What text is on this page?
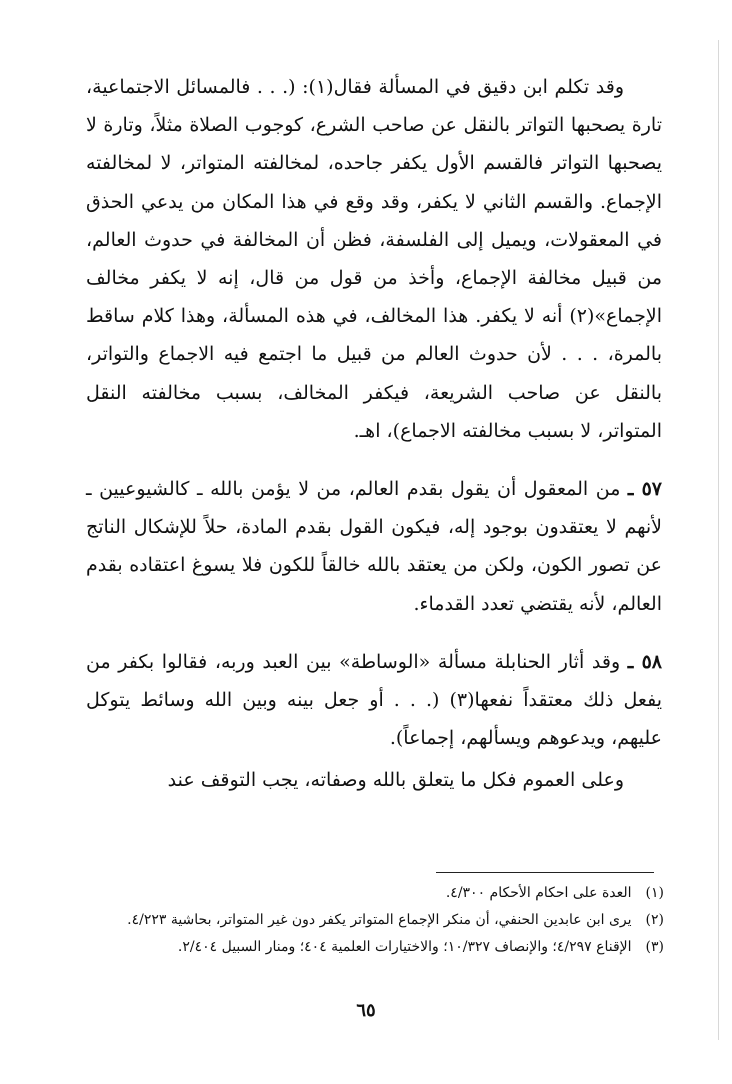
وقد تكلم ابن دقيق في المسألة فقال(١): (. . . فالمسائل الاجتماعية، تارة يصحبها التواتر بالنقل عن صاحب الشرع، كوجوب الصلاة مثلاً، وتارة لا يصحبها التواتر فالقسم الأول يكفر جاحده، لمخالفته المتواتر، لا لمخالفته الإجماع. والقسم الثاني لا يكفر، وقد وقع في هذا المكان من يدعي الحذق في المعقولات، ويميل إلى الفلسفة، فظن أن المخالفة في حدوث العالم، من قبيل مخالفة الإجماع، وأخذ من قول من قال، إنه لا يكفر مخالف الإجماع»(٢) أنه لا يكفر. هذا المخالف، في هذه المسألة، وهذا كلام ساقط بالمرة، . . . لأن حدوث العالم من قبيل ما اجتمع فيه الاجماع والتواتر، بالنقل عن صاحب الشريعة، فيكفر المخالف، بسبب مخالفته النقل المتواتر، لا بسبب مخالفته الاجماع)، اهـ.

٥٧ ـ من المعقول أن يقول بقدم العالم، من لا يؤمن بالله ـ كالشيوعيين ـ لأنهم لا يعتقدون بوجود إله، فيكون القول بقدم المادة، حلاً للإشكال الناتج عن تصور الكون، ولكن من يعتقد بالله خالقاً للكون فلا يسوغ اعتقاده بقدم العالم، لأنه يقتضي تعدد القدماء.

٥٨ ـ وقد أثار الحنابلة مسألة «الوساطة» بين العبد وربه، فقالوا بكفر من يفعل ذلك معتقداً نفعها(٣) (. . . أو جعل بينه وبين الله وسائط يتوكل عليهم، ويدعوهم ويسألهم، إجماعاً).

وعلى العموم فكل ما يتعلق بالله وصفاته، يجب التوقف عند

(١) العدة على احكام الأحكام ٤/٣٠٠.

(٢) يرى ابن عابدين الحنفي، أن منكر الإجماع المتواتر يكفر دون غير المتواتر، بحاشية ٤/٢٢٣.

(٣) الإقناع ٤/٢٩٧؛ والإنصاف ١٠/٣٢٧؛ والاختيارات العلمية ٤٠٤؛ ومنار السبيل ٢/٤٠٤.

٦٥
